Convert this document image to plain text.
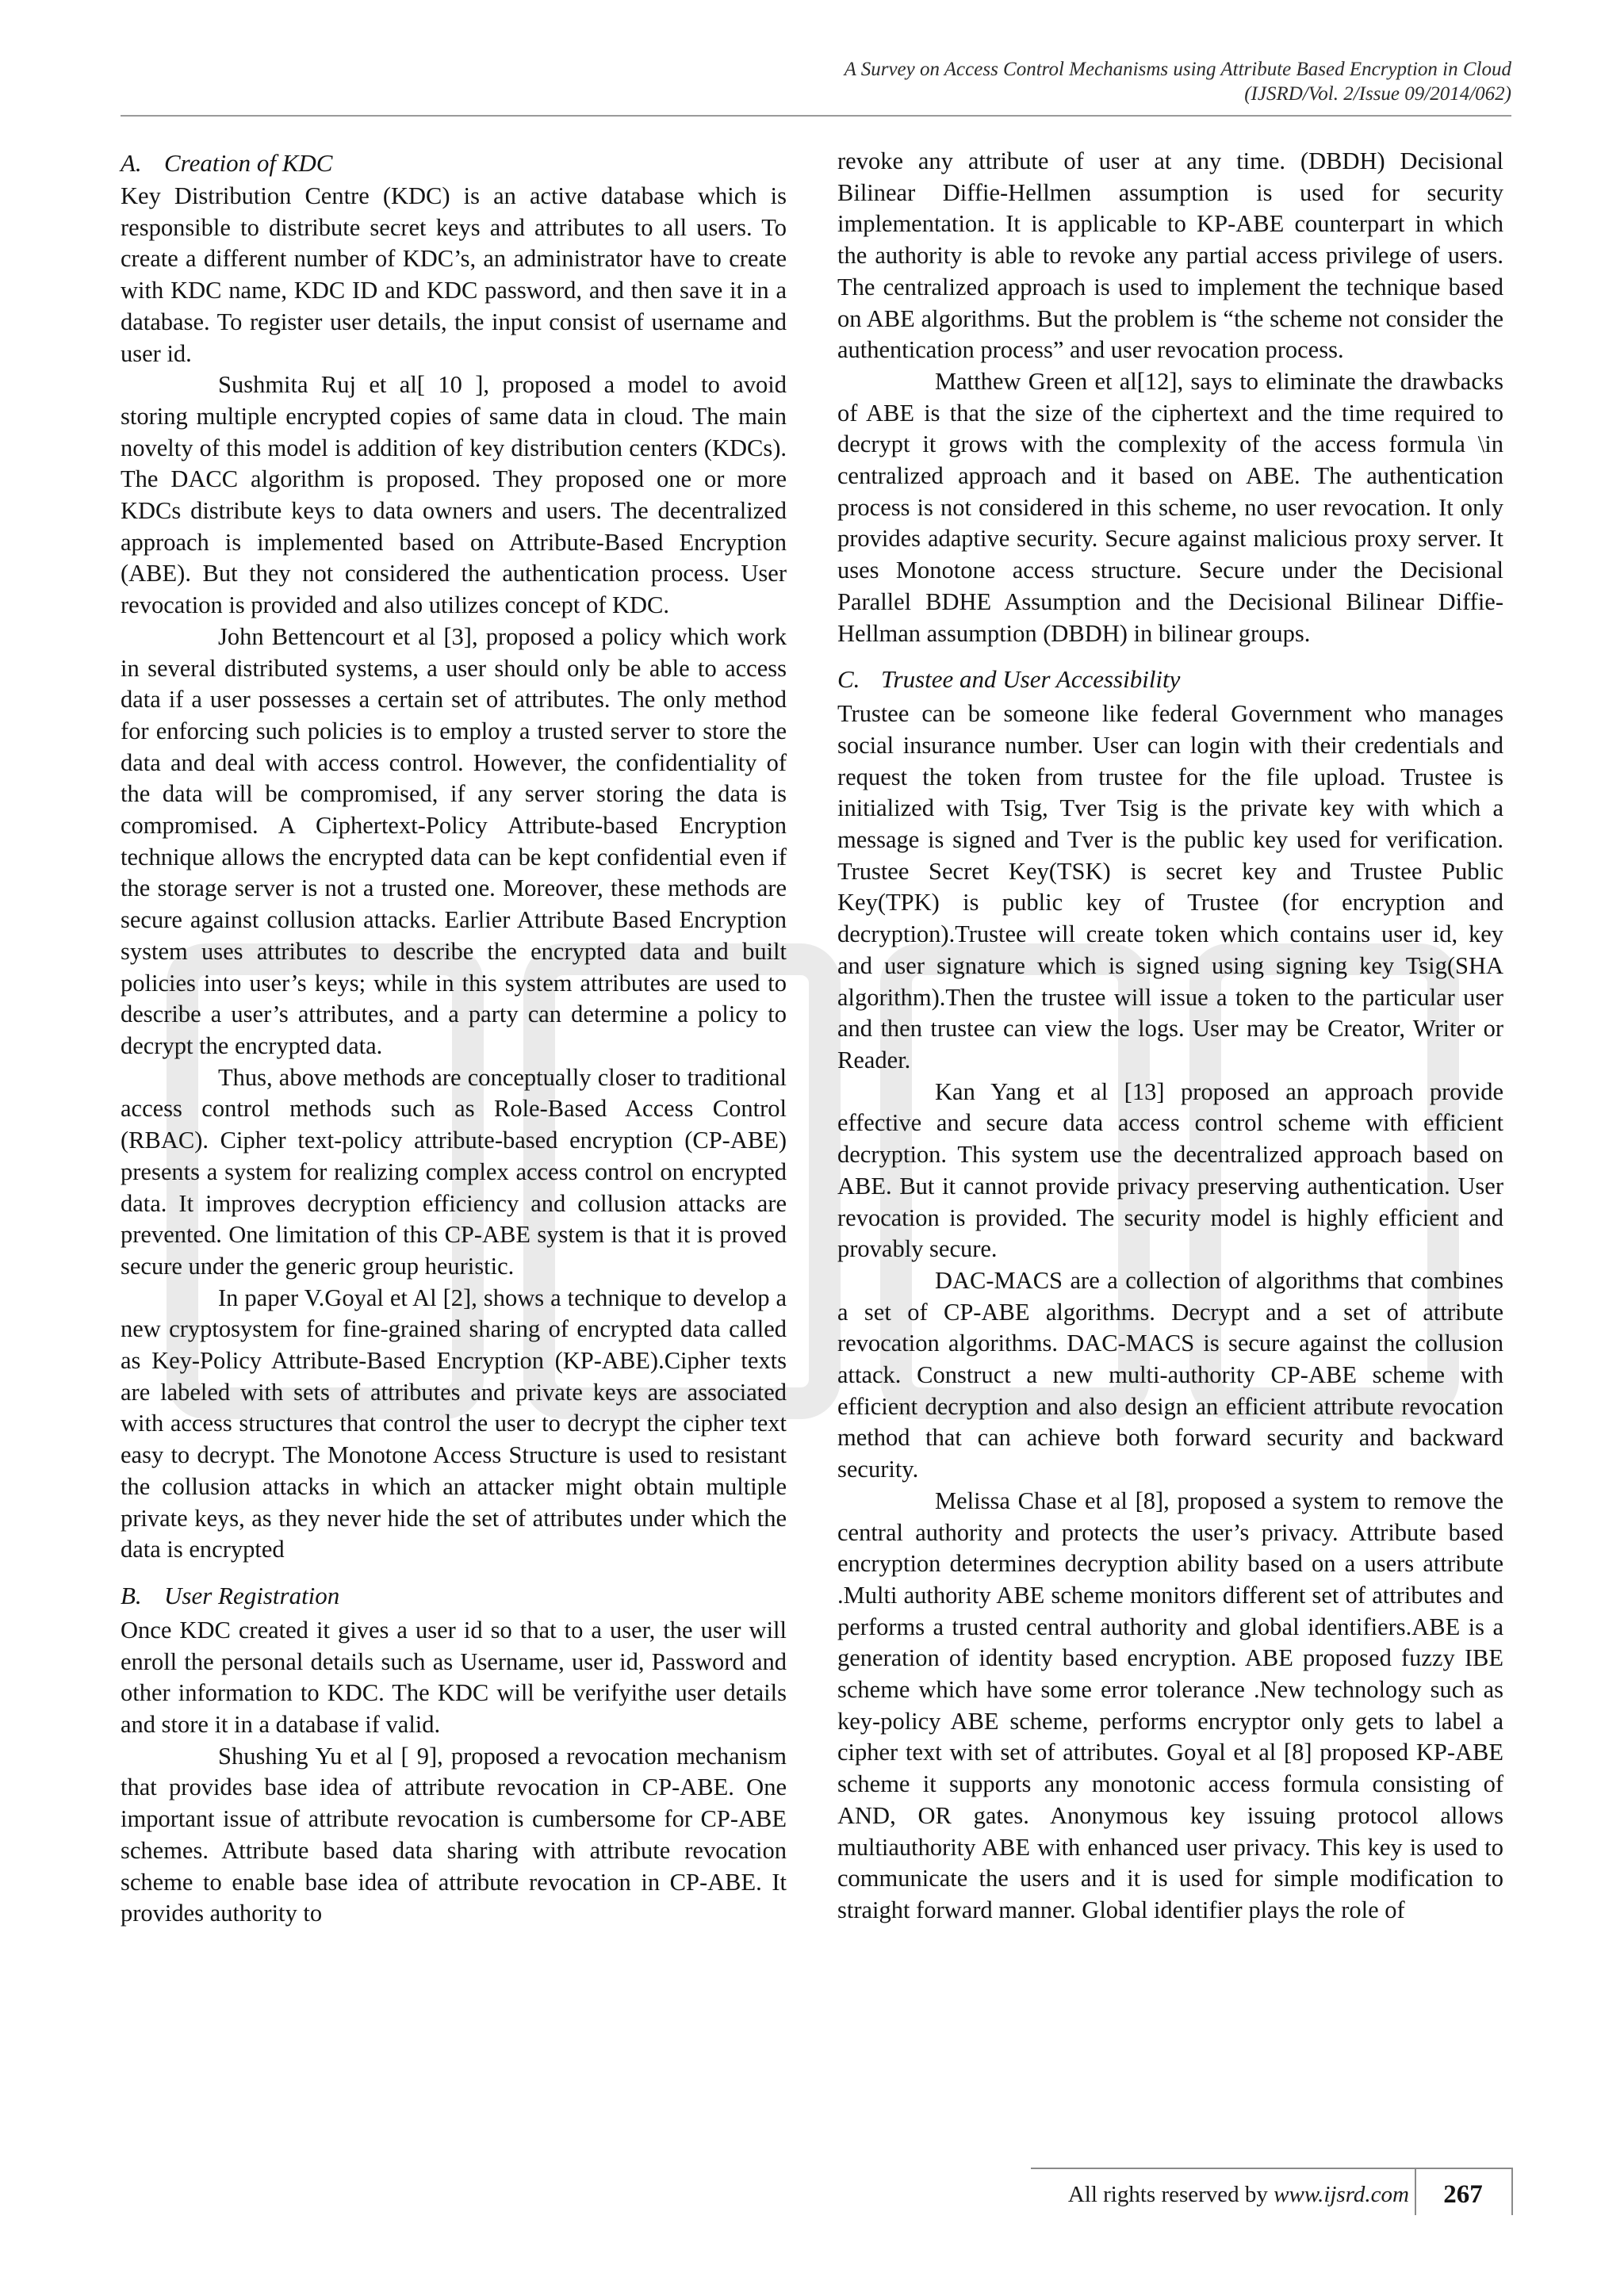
A Survey on Access Control Mechanisms using Attribute Based Encryption in Cloud
(IJSRD/Vol. 2/Issue 09/2014/062)
A. Creation of KDC

Key Distribution Centre (KDC) is an active database which is responsible to distribute secret keys and attributes to all users. To create a different number of KDC’s, an administrator have to create with KDC name, KDC ID and KDC password, and then save it in a database. To register user details, the input consist of username and user id.

Sushmita Ruj et al[ 10 ], proposed a model to avoid storing multiple encrypted copies of same data in cloud. The main novelty of this model is addition of key distribution centers (KDCs). The DACC algorithm is proposed. They proposed one or more KDCs distribute keys to data owners and users. The decentralized approach is implemented based on Attribute-Based Encryption (ABE). But they not considered the authentication process. User revocation is provided and also utilizes concept of KDC.

John Bettencourt et al [3], proposed a policy which work in several distributed systems, a user should only be able to access data if a user possesses a certain set of attributes. The only method for enforcing such policies is to employ a trusted server to store the data and deal with access control. However, the confidentiality of the data will be compromised, if any server storing the data is compromised. A Ciphertext-Policy Attribute-based Encryption technique allows the encrypted data can be kept confidential even if the storage server is not a trusted one. Moreover, these methods are secure against collusion attacks. Earlier Attribute Based Encryption system uses attributes to describe the encrypted data and built policies into user’s keys; while in this system attributes are used to describe a user’s attributes, and a party can determine a policy to decrypt the encrypted data.

Thus, above methods are conceptually closer to traditional access control methods such as Role-Based Access Control (RBAC). Cipher text-policy attribute-based encryption (CP-ABE) presents a system for realizing complex access control on encrypted data. It improves decryption efficiency and collusion attacks are prevented. One limitation of this CP-ABE system is that it is proved secure under the generic group heuristic.

In paper V.Goyal et Al [2], shows a technique to develop a new cryptosystem for fine-grained sharing of encrypted data called as Key-Policy Attribute-Based Encryption (KP-ABE).Cipher texts are labeled with sets of attributes and private keys are associated with access structures that control the user to decrypt the cipher text easy to decrypt. The Monotone Access Structure is used to resistant the collusion attacks in which an attacker might obtain multiple private keys, as they never hide the set of attributes under which the data is encrypted

B. User Registration

Once KDC created it gives a user id so that to a user, the user will enroll the personal details such as Username, user id, Password and other information to KDC. The KDC will be verifyithe user details and store it in a database if valid.

Shushing Yu et al [ 9], proposed a revocation mechanism that provides base idea of attribute revocation in CP-ABE. One important issue of attribute revocation is cumbersome for CP-ABE schemes. Attribute based data sharing with attribute revocation scheme to enable base idea of attribute revocation in CP-ABE. It provides authority to

revoke any attribute of user at any time. (DBDH) Decisional Bilinear Diffie-Hellmen assumption is used for security implementation. It is applicable to KP-ABE counterpart in which the authority is able to revoke any partial access privilege of users. The centralized approach is used to implement the technique based on ABE algorithms. But the problem is “the scheme not consider the authentication process” and user revocation process.

Matthew Green et al[12], says to eliminate the drawbacks of ABE is that the size of the ciphertext and the time required to decrypt it grows with the complexity of the access formula \in centralized approach and it based on ABE. The authentication process is not considered in this scheme, no user revocation. It only provides adaptive security. Secure against malicious proxy server. It uses Monotone access structure. Secure under the Decisional Parallel BDHE Assumption and the Decisional Bilinear Diffie-Hellman assumption (DBDH) in bilinear groups.

C. Trustee and User Accessibility

Trustee can be someone like federal Government who manages social insurance number. User can login with their credentials and request the token from trustee for the file upload. Trustee is initialized with Tsig, Tver Tsig is the private key with which a message is signed and Tver is the public key used for verification. Trustee Secret Key(TSK) is secret key and Trustee Public Key(TPK) is public key of Trustee (for encryption and decryption).Trustee will create token which contains user id, key and user signature which is signed using signing key Tsig(SHA algorithm).Then the trustee will issue a token to the particular user and then trustee can view the logs. User may be Creator, Writer or Reader.

Kan Yang et al [13] proposed an approach provide effective and secure data access control scheme with efficient decryption. This system use the decentralized approach based on ABE. But it cannot provide privacy preserving authentication. User revocation is provided. The security model is highly efficient and provably secure.

DAC-MACS are a collection of algorithms that combines a set of CP-ABE algorithms. Decrypt and a set of attribute revocation algorithms. DAC-MACS is secure against the collusion attack. Construct a new multi-authority CP-ABE scheme with efficient decryption and also design an efficient attribute revocation method that can achieve both forward security and backward security.

Melissa Chase et al [8], proposed a system to remove the central authority and protects the user’s privacy. Attribute based encryption determines decryption ability based on a users attribute .Multi authority ABE scheme monitors different set of attributes and performs a trusted central authority and global identifiers.ABE is a generation of identity based encryption. ABE proposed fuzzy IBE scheme which have some error tolerance .New technology such as key-policy ABE scheme, performs encryptor only gets to label a cipher text with set of attributes. Goyal et al [8] proposed KP-ABE scheme it supports any monotonic access formula consisting of AND, OR gates. Anonymous key issuing protocol allows multiauthority ABE with enhanced user privacy. This key is used to communicate the users and it is used for simple modification to straight forward manner. Global identifier plays the role of

All rights reserved by www.ijsrd.com	267
